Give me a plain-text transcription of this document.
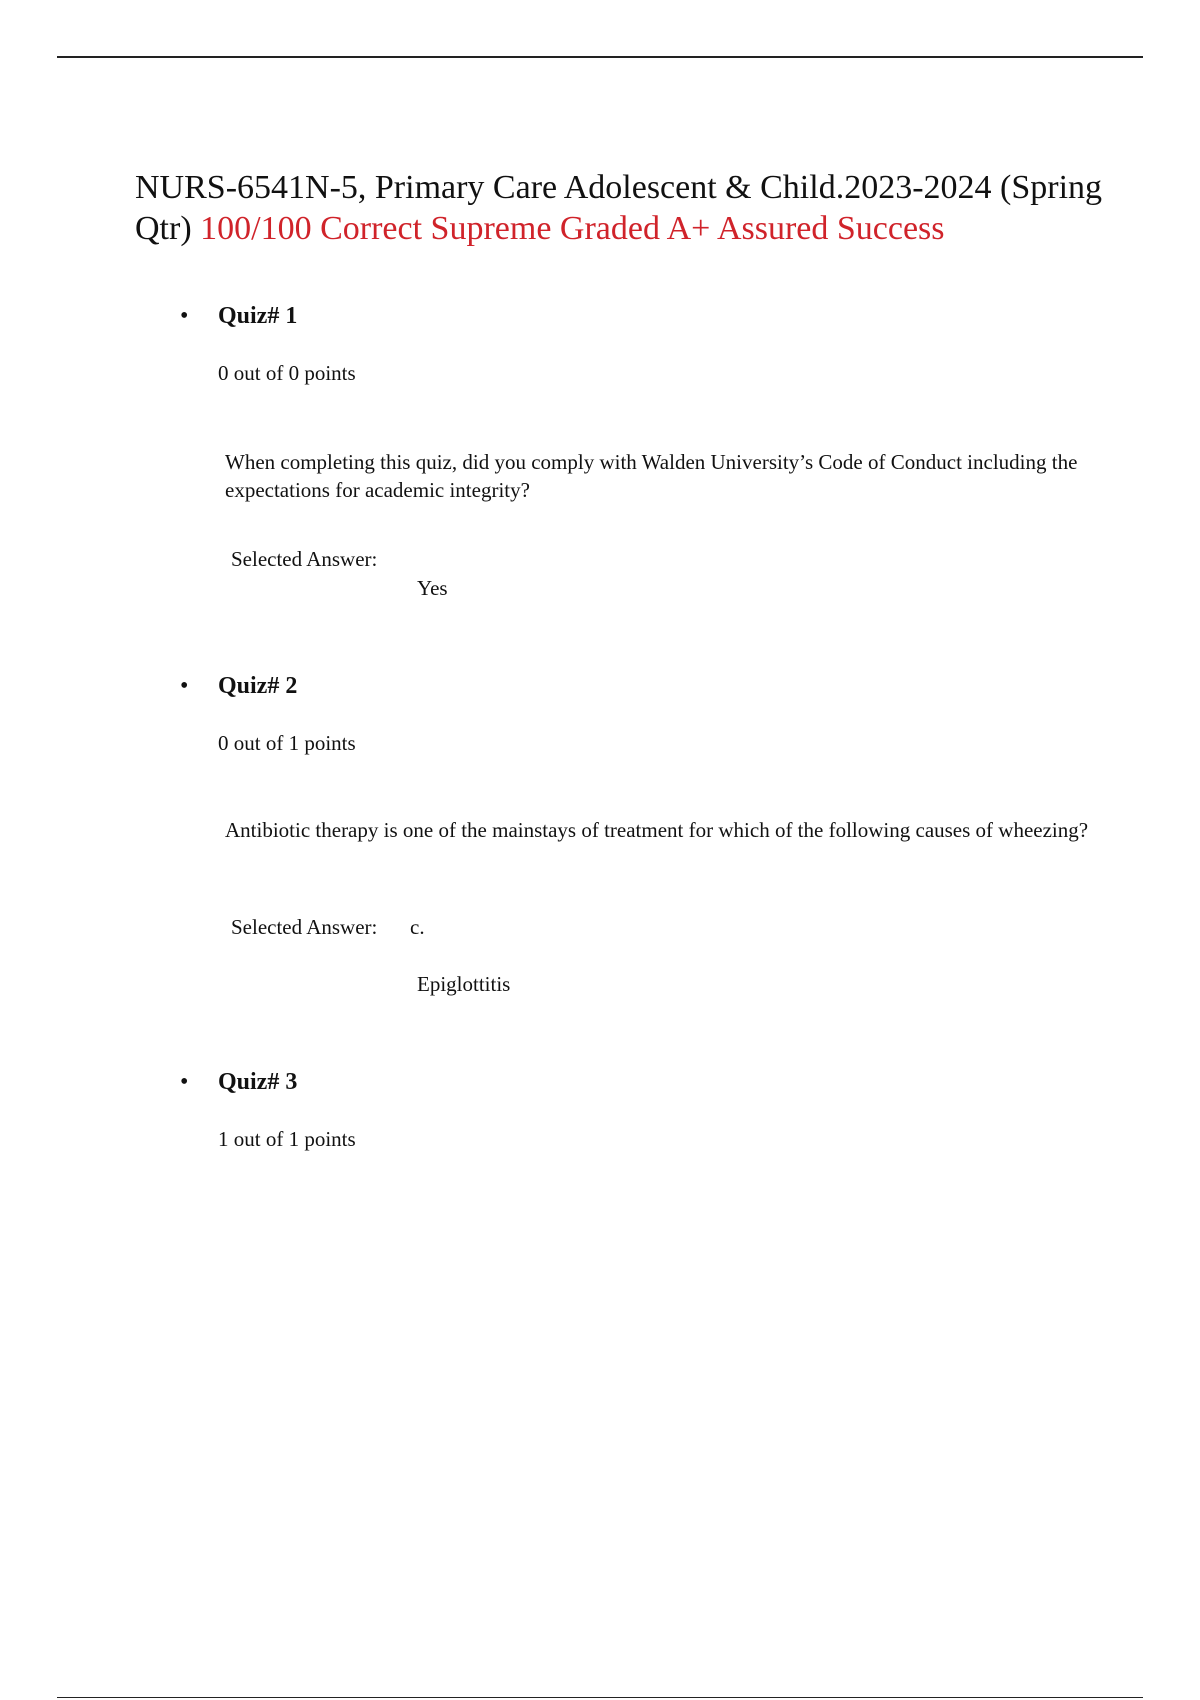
NURS-6541N-5, Primary Care Adolescent & Child.2023-2024 (Spring Qtr) 100/100 Correct Supreme Graded A+ Assured Success
• Quiz# 1
0 out of 0 points
When completing this quiz, did you comply with Walden University’s Code of Conduct including the expectations for academic integrity?
Selected Answer:
Yes
• Quiz# 2
0 out of 1 points
Antibiotic therapy is one of the mainstays of treatment for which of the following causes of wheezing?
Selected Answer: c.
Epiglottitis
• Quiz# 3
1 out of 1 points
